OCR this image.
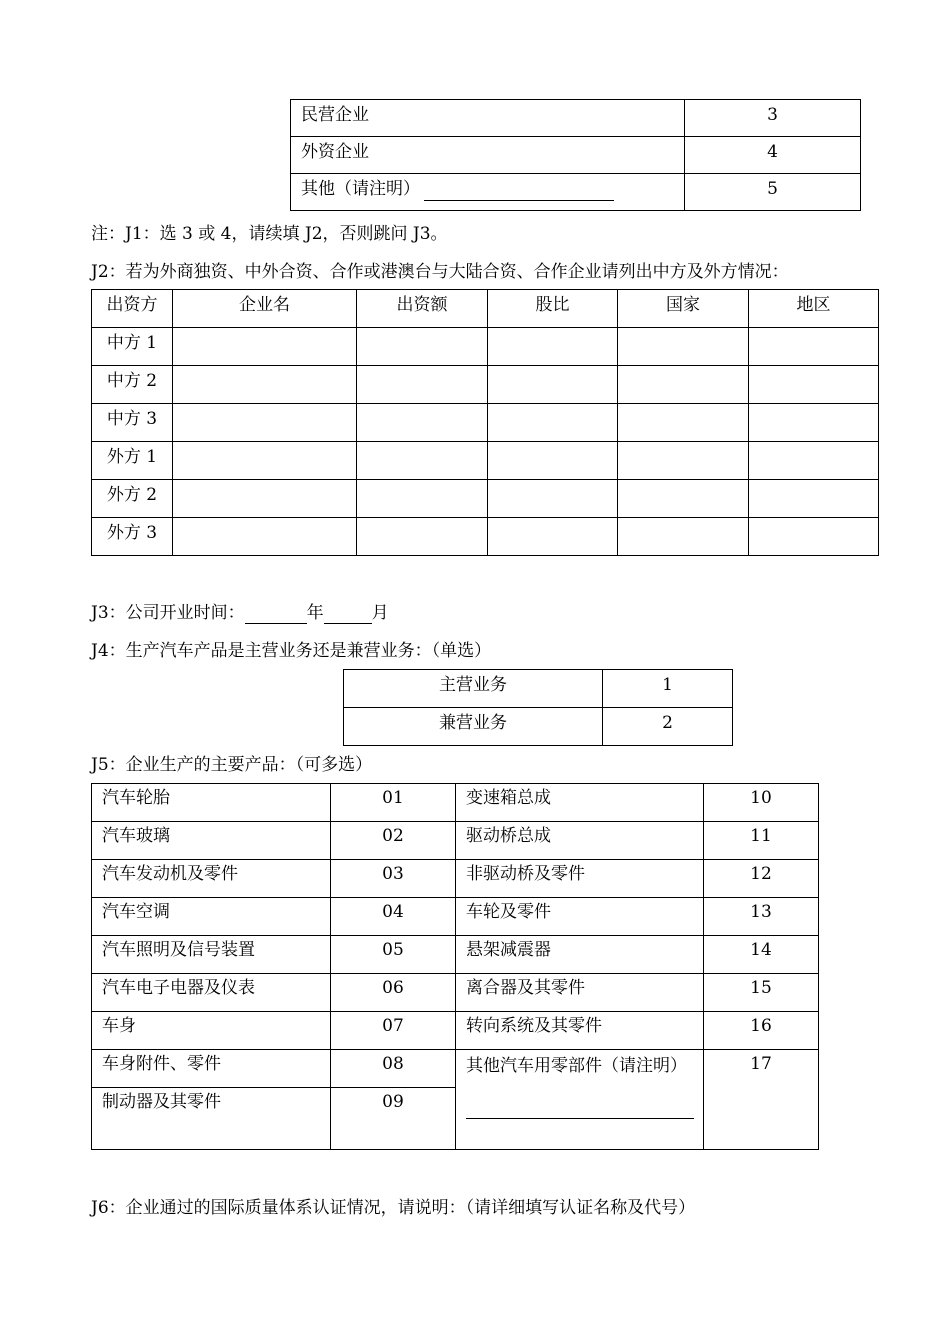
民营企业	3
外资企业	4
其他（请注明）	5
注：J1：选 3 或 4，请续填 J2，否则跳问 J3。
J2：若为外商独资、中外合资、合作或港澳台与大陆合资、合作企业请列出中方及外方情况：
出资方	企业名	出资额	股比	国家	地区
中方 1					
中方 2					
中方 3					
外方 1					
外方 2					
外方 3					
J3：公司开业时间：	年	月
J4：生产汽车产品是主营业务还是兼营业务：（单选）
主营业务	1
兼营业务	2
J5：企业生产的主要产品：（可多选）
汽车轮胎	01	变速箱总成	10
汽车玻璃	02	驱动桥总成	11
汽车发动机及零件	03	非驱动桥及零件	12
汽车空调	04	车轮及零件	13
汽车照明及信号装置	05	悬架减震器	14
汽车电子电器及仪表	06	离合器及其零件	15
车身	07	转向系统及其零件	16
车身附件、零件	08	其他汽车用零部件（请注明）	17
制动器及其零件	09		
J6：企业通过的国际质量体系认证情况，请说明：（请详细填写认证名称及代号）
